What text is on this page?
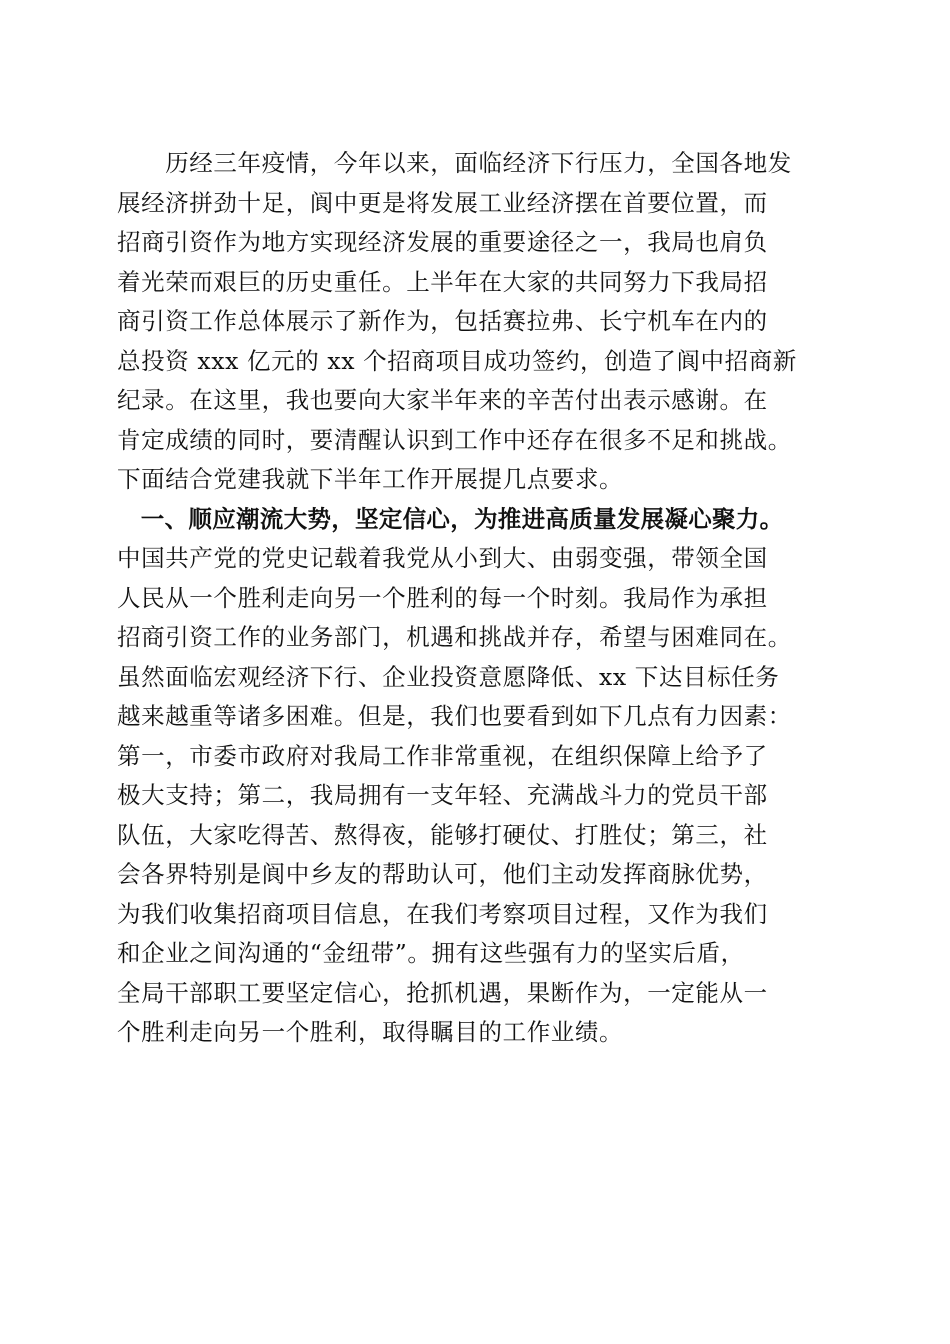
　　历经三年疫情，今年以来，面临经济下行压力，全国各地发
展经济拼劲十足，阆中更是将发展工业经济摆在首要位置，而
招商引资作为地方实现经济发展的重要途径之一，我局也肩负
着光荣而艰巨的历史重任。上半年在大家的共同努力下我局招
商引资工作总体展示了新作为，包括赛拉弗、长宁机车在内的
总投资 xxx 亿元的 xx 个招商项目成功签约，创造了阆中招商新
纪录。在这里，我也要向大家半年来的辛苦付出表示感谢。在
肯定成绩的同时，要清醒认识到工作中还存在很多不足和挑战。
下面结合党建我就下半年工作开展提几点要求。
　一、顺应潮流大势，坚定信心，为推进高质量发展凝心聚力。
中国共产党的党史记载着我党从小到大、由弱变强，带领全国
人民从一个胜利走向另一个胜利的每一个时刻。我局作为承担
招商引资工作的业务部门，机遇和挑战并存，希望与困难同在。
虽然面临宏观经济下行、企业投资意愿降低、xx 下达目标任务
越来越重等诸多困难。但是，我们也要看到如下几点有力因素：
第一，市委市政府对我局工作非常重视，在组织保障上给予了
极大支持；第二，我局拥有一支年轻、充满战斗力的党员干部
队伍，大家吃得苦、熬得夜，能够打硬仗、打胜仗；第三，社
会各界特别是阆中乡友的帮助认可，他们主动发挥商脉优势，
为我们收集招商项目信息，在我们考察项目过程，又作为我们
和企业之间沟通的“金纽带”。拥有这些强有力的坚实后盾，
全局干部职工要坚定信心，抢抓机遇，果断作为，一定能从一
个胜利走向另一个胜利，取得瞩目的工作业绩。
